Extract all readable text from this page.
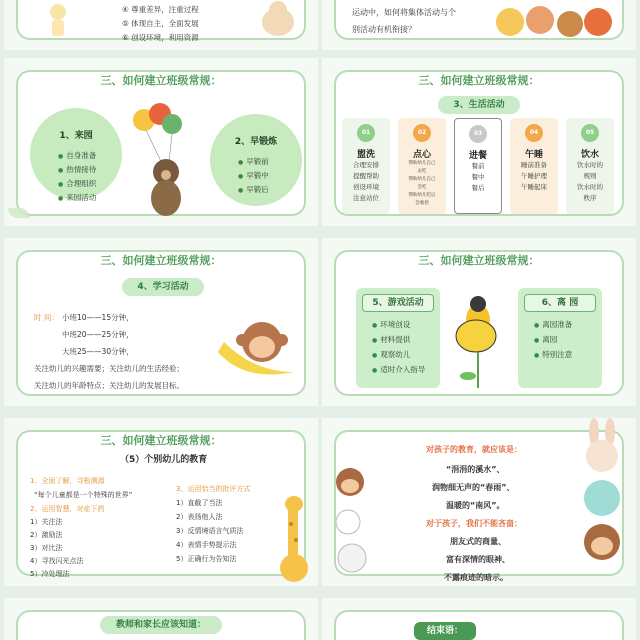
④ 尊重差异，注重过程
⑤ 体现自主，全面发展
⑥ 创设环境，利用资源
运动中，如何将集体活动与个
别活动有机衔接？
三、如何建立班级常规：
1、来园
● 自身准备
● 热情接待
● 合理组织
● 来园活动
2、早锻炼
● 早锻前
● 早锻中
● 早锻后
三、如何建立班级常规：
3、生活活动
01
盥洗
合理安排
提醒帮助
创设环境
注意站位
02
点心
帮助幼儿自己
去吃
帮助幼儿自己
会吃
帮助幼儿吃后
会收拾
03
进餐
餐前
餐中
餐后
04
午睡
睡前准备
午睡护理
午睡起床
05
饮水
饮水时的
规则
饮水时的
秩序
三、如何建立班级常规：
4、学习活动
时 间： 小班10——15分钟，
中班20——25分钟，
大班25——30分钟，
关注幼儿的兴趣需要；关注幼儿的生活经验；
关注幼儿的年龄特点；关注幼儿的发展目标。
三、如何建立班级常规：
5、游戏活动
● 环境创设
● 材料提供
● 观察幼儿
● 适时介入指导
6、离 园
● 离园准备
● 离园
● 特别注意
三、如何建立班级常规：
（5）个别幼儿的教育
1、全面了解，寻根溯源
“每个儿童都是一个特殊的世界”
2、运用智慧，对症下药
1）关注法
2）激励法
3）对比法
4）寻找闪光点法
5）冷处理法
3、运用恰当的批评方式
1）直截了当法
2）表扬他人法
3）反情境语言气质法
4）表情手势提示法
5）正确行为告知法
对孩子的教育，就应该是：
“涓涓的溪水”、
润物细无声的“春雨”、
温暖的“南风”。
对于孩子，我们不能吝啬：
朋友式的商量、
富有深情的眼神、
不露痕迹的暗示。
教师和家长应该知道：
结束语：
